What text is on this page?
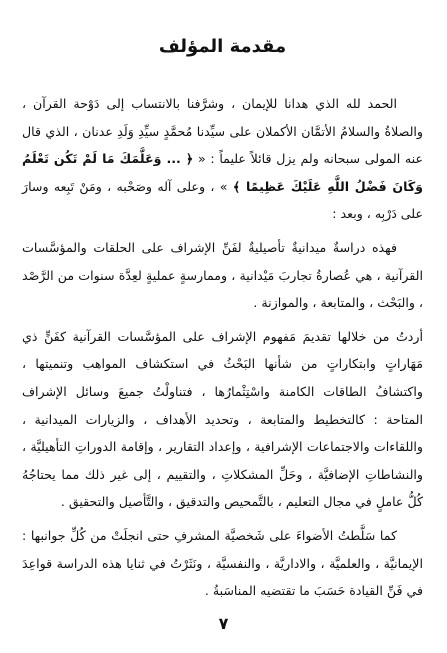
مقدمة المؤلف

الحمد لله الذي هدانا للإيمان ، وشرَّفنا بالانتساب إلى دَوْحة القرآن ، والصلاةُ والسلامُ الأتمَّان الأكملان على سيِّدنا مُحمَّدٍ سيِّدِ وَلَدِ عدنان ، الذي قال عنه المولى سبحانه ولم يزل قائلاً عليماً : « ﴿ ... وَعَلَّمَكَ مَا لَمْ تَكُن تَعْلَمُ وَكَانَ فَضْلُ اللَّهِ عَلَيْكَ عَظِيمًا ﴾ » ، وعلى آله وصَحْبه ، ومَنْ تَبِعه وسارَ على دَرْبِه ، وبعد :

فهذه دراسةٌ ميدانيةٌ تأصيليةٌ لفَنِّ الإشراف على الحلقات والمؤسَّسات القرآنية ، هي عُصارةُ تجاربَ مَيْدانية ، وممارسةٍ عمليةٍ لعِدَّة سنوات من الرَّصْد ، والبَحْث ، والمتابعة ، والموازنة .

أردتُ من خلالها تقديمَ مَفهوم الإشراف على المؤسَّسات القرآنية كفَنٍّ ذي مَهَاراتٍ وابتكاراتٍ من شأنها البَحْثُ في استكشاف المواهب وتنميتها ، واكتشافُ الطاقات الكامنة واسْتِثْمارُها ، فتناولْتُ جميعَ وسائل الإشراف المتاحة : كالتخطيط والمتابعة ، وتحديد الأهداف ، والزيارات الميدانية ، واللقاءات والاجتماعات الإشرافية ، وإعداد التقارير ، وإقامة الدوراتِ التأهيليَّة ، والنشاطاتِ الإضافيَّة ، وحَلِّ المشكلاتِ ، والتقييم ، إلى غير ذلك مما يحتاجُهُ كُلُّ عاملٍ في مجال التعليم ، بالتَّمحيص والتدقيق ، والتَّأصيل والتحقيق .

كما سَلَّطتُ الأضواءَ على شَخصيَّة المشرفِ حتى انجلَتْ من كُلِّ جوانبها : الإيمانيَّة ، والعلميَّة ، والاداريَّة ، والنفسيَّة ، ونَثَرْتُ في ثنايا هذه الدراسة قواعِدَ في فَنِّ القيادة حَسَبَ ما تقتضيه المناسَبةُ .

٧
